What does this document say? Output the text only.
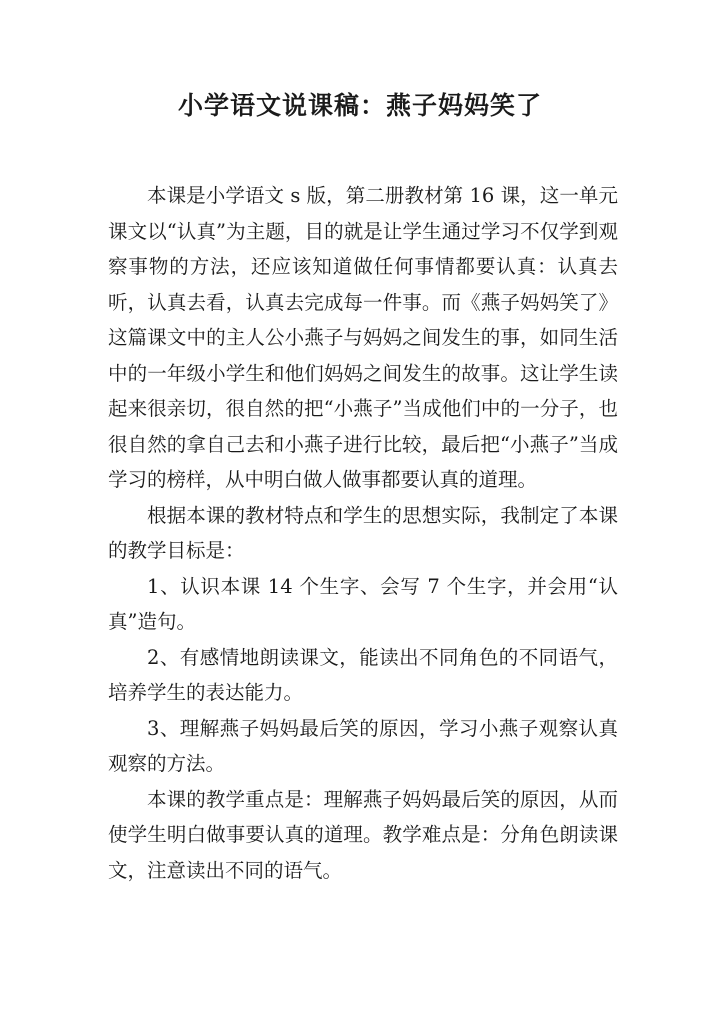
小学语文说课稿：燕子妈妈笑了

本课是小学语文 s 版，第二册教材第 16 课，这一单元课文以“认真”为主题，目的就是让学生通过学习不仅学到观察事物的方法，还应该知道做任何事情都要认真：认真去听，认真去看，认真去完成每一件事。而《燕子妈妈笑了》这篇课文中的主人公小燕子与妈妈之间发生的事，如同生活中的一年级小学生和他们妈妈之间发生的故事。这让学生读起来很亲切，很自然的把“小燕子”当成他们中的一分子，也很自然的拿自己去和小燕子进行比较，最后把“小燕子”当成学习的榜样，从中明白做人做事都要认真的道理。

根据本课的教材特点和学生的思想实际，我制定了本课的教学目标是：

1、认识本课 14 个生字、会写 7 个生字，并会用“认真”造句。

2、有感情地朗读课文，能读出不同角色的不同语气，培养学生的表达能力。

3、理解燕子妈妈最后笑的原因，学习小燕子观察认真观察的方法。

本课的教学重点是：理解燕子妈妈最后笑的原因，从而使学生明白做事要认真的道理。教学难点是：分角色朗读课文，注意读出不同的语气。
